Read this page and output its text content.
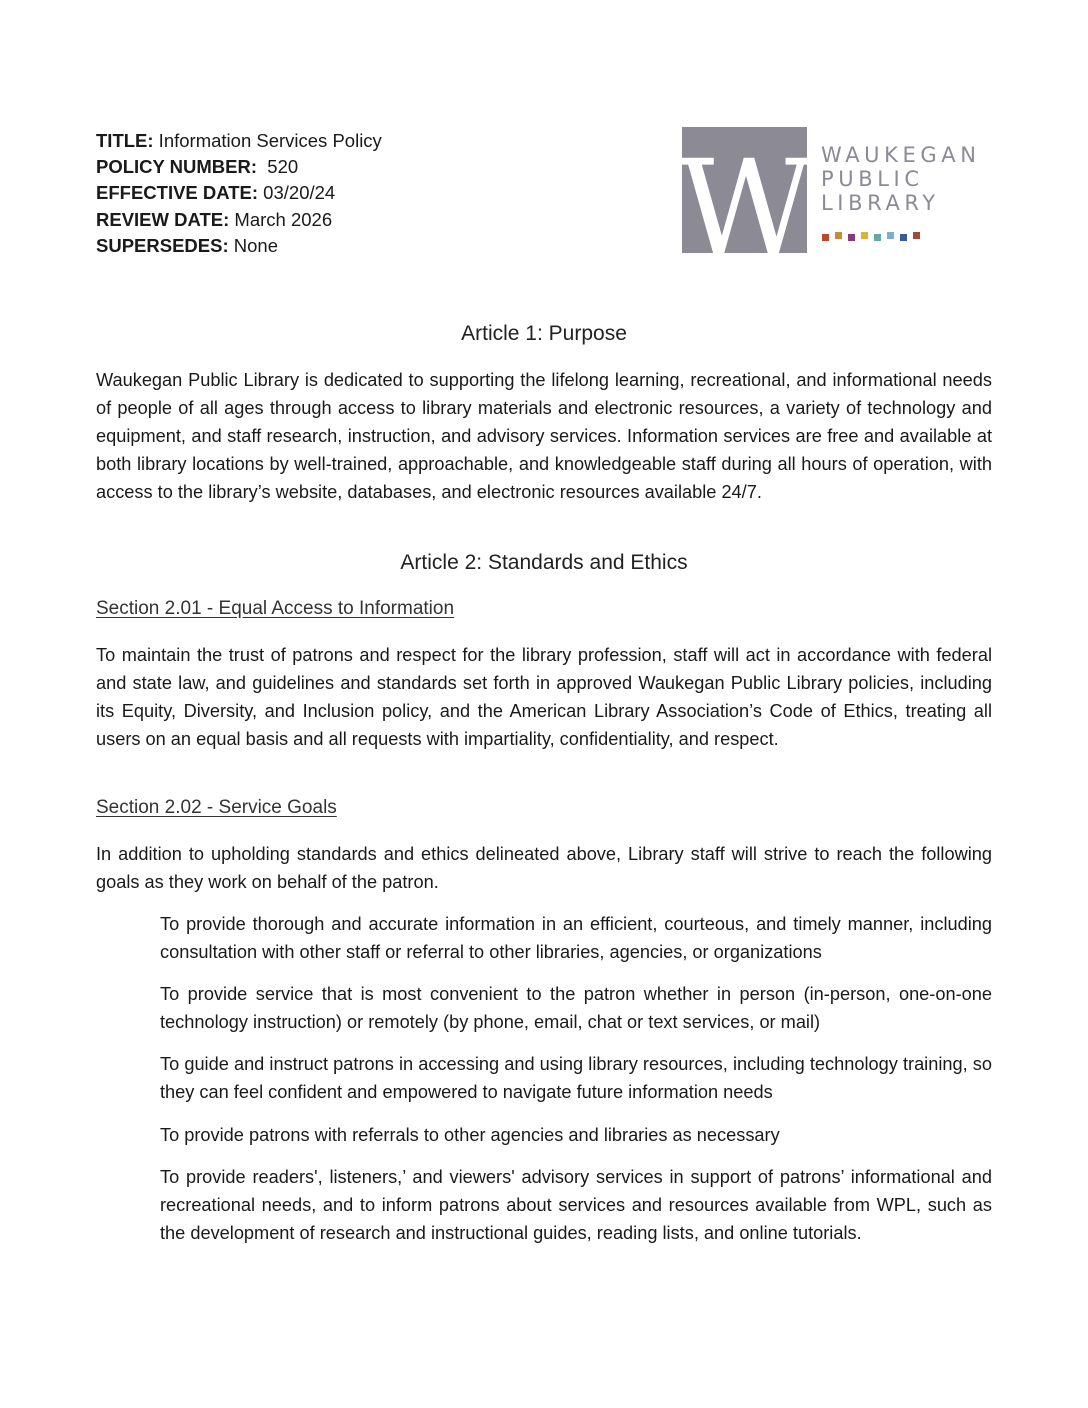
TITLE: Information Services Policy
POLICY NUMBER:  520
EFFECTIVE DATE: 03/20/24
REVIEW DATE: March 2026
SUPERSEDES: None	W WAUKEGAN
PUBLIC
LIBRARY
Article 1: Purpose
Waukegan Public Library is dedicated to supporting the lifelong learning, recreational, and informational needs of people of all ages through access to library materials and electronic resources, a variety of technology and equipment, and staff research, instruction, and advisory services. Information services are free and available at both library locations by well-trained, approachable, and knowledgeable staff during all hours of operation, with access to the library’s website, databases, and electronic resources available 24/7.
Article 2: Standards and Ethics
Section 2.01 - Equal Access to Information
To maintain the trust of patrons and respect for the library profession, staff will act in accordance with federal and state law, and guidelines and standards set forth in approved Waukegan Public Library policies, including its Equity, Diversity, and Inclusion policy, and the American Library Association’s Code of Ethics, treating all users on an equal basis and all requests with impartiality, confidentiality, and respect.
Section 2.02 - Service Goals
In addition to upholding standards and ethics delineated above, Library staff will strive to reach the following goals as they work on behalf of the patron.
To provide thorough and accurate information in an efficient, courteous, and timely manner, including consultation with other staff or referral to other libraries, agencies, or organizations
To provide service that is most convenient to the patron whether in person (in-person, one-on-one technology instruction) or remotely (by phone, email, chat or text services, or mail)
To guide and instruct patrons in accessing and using library resources, including technology training, so they can feel confident and empowered to navigate future information needs
To provide patrons with referrals to other agencies and libraries as necessary
To provide readers', listeners,’ and viewers' advisory services in support of patrons’ informational and recreational needs, and to inform patrons about services and resources available from WPL, such as the development of research and instructional guides, reading lists, and online tutorials.
